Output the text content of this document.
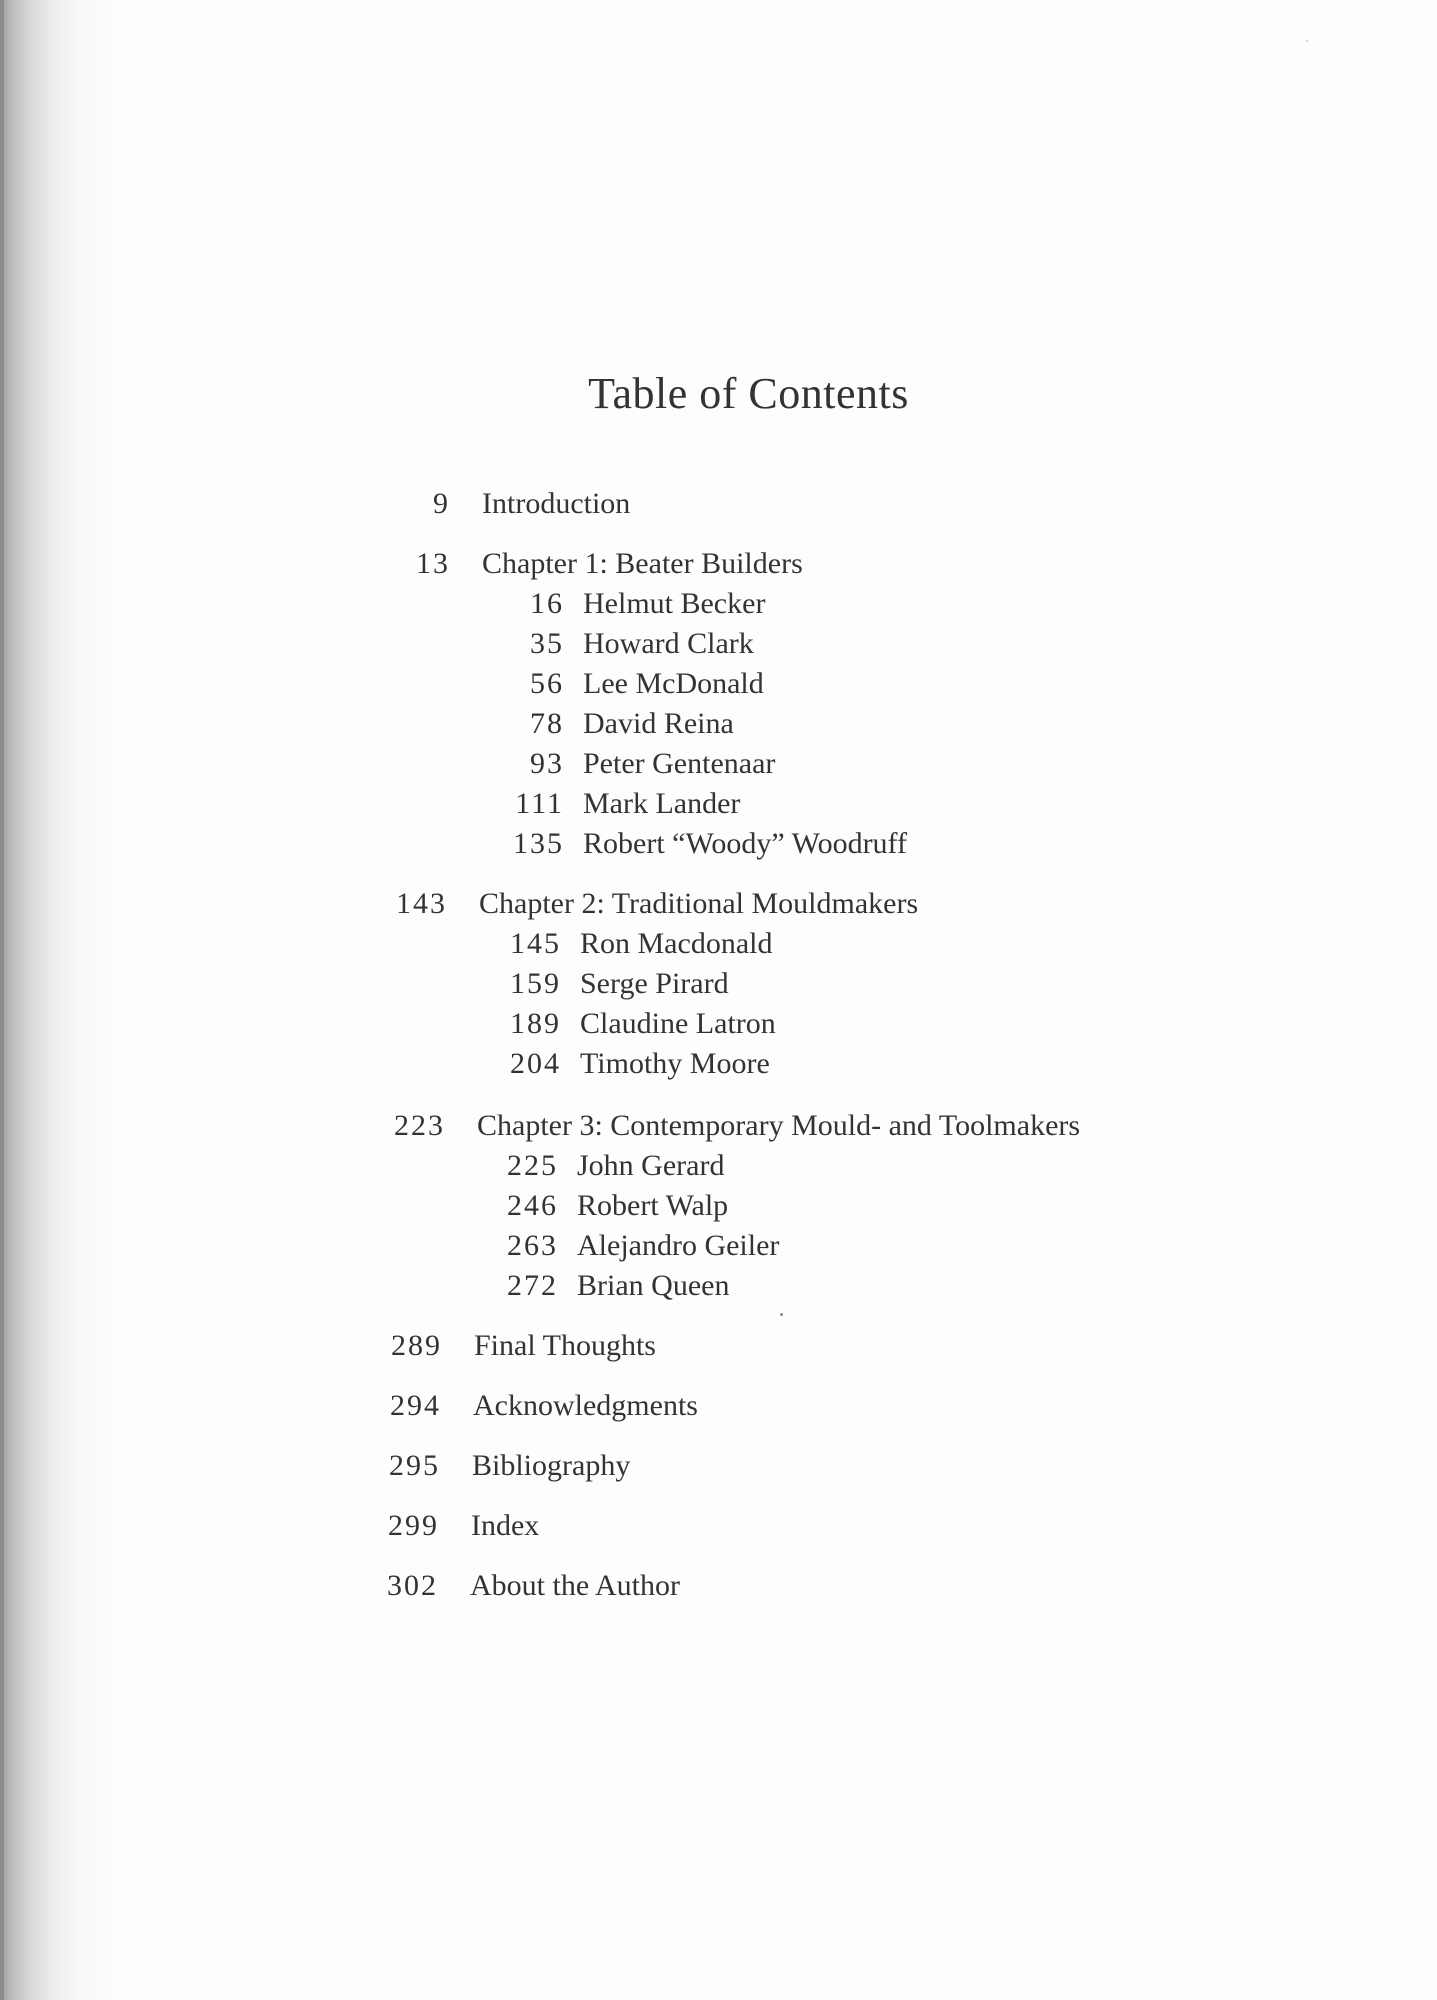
Table of Contents
9 Introduction
13 Chapter 1: Beater Builders
16 Helmut Becker
35 Howard Clark
56 Lee McDonald
78 David Reina
93 Peter Gentenaar
111 Mark Lander
135 Robert “Woody” Woodruff
143 Chapter 2: Traditional Mouldmakers
145 Ron Macdonald
159 Serge Pirard
189 Claudine Latron
204 Timothy Moore
223 Chapter 3: Contemporary Mould- and Toolmakers
225 John Gerard
246 Robert Walp
263 Alejandro Geiler
272 Brian Queen
289 Final Thoughts
294 Acknowledgments
295 Bibliography
299 Index
302 About the Author
